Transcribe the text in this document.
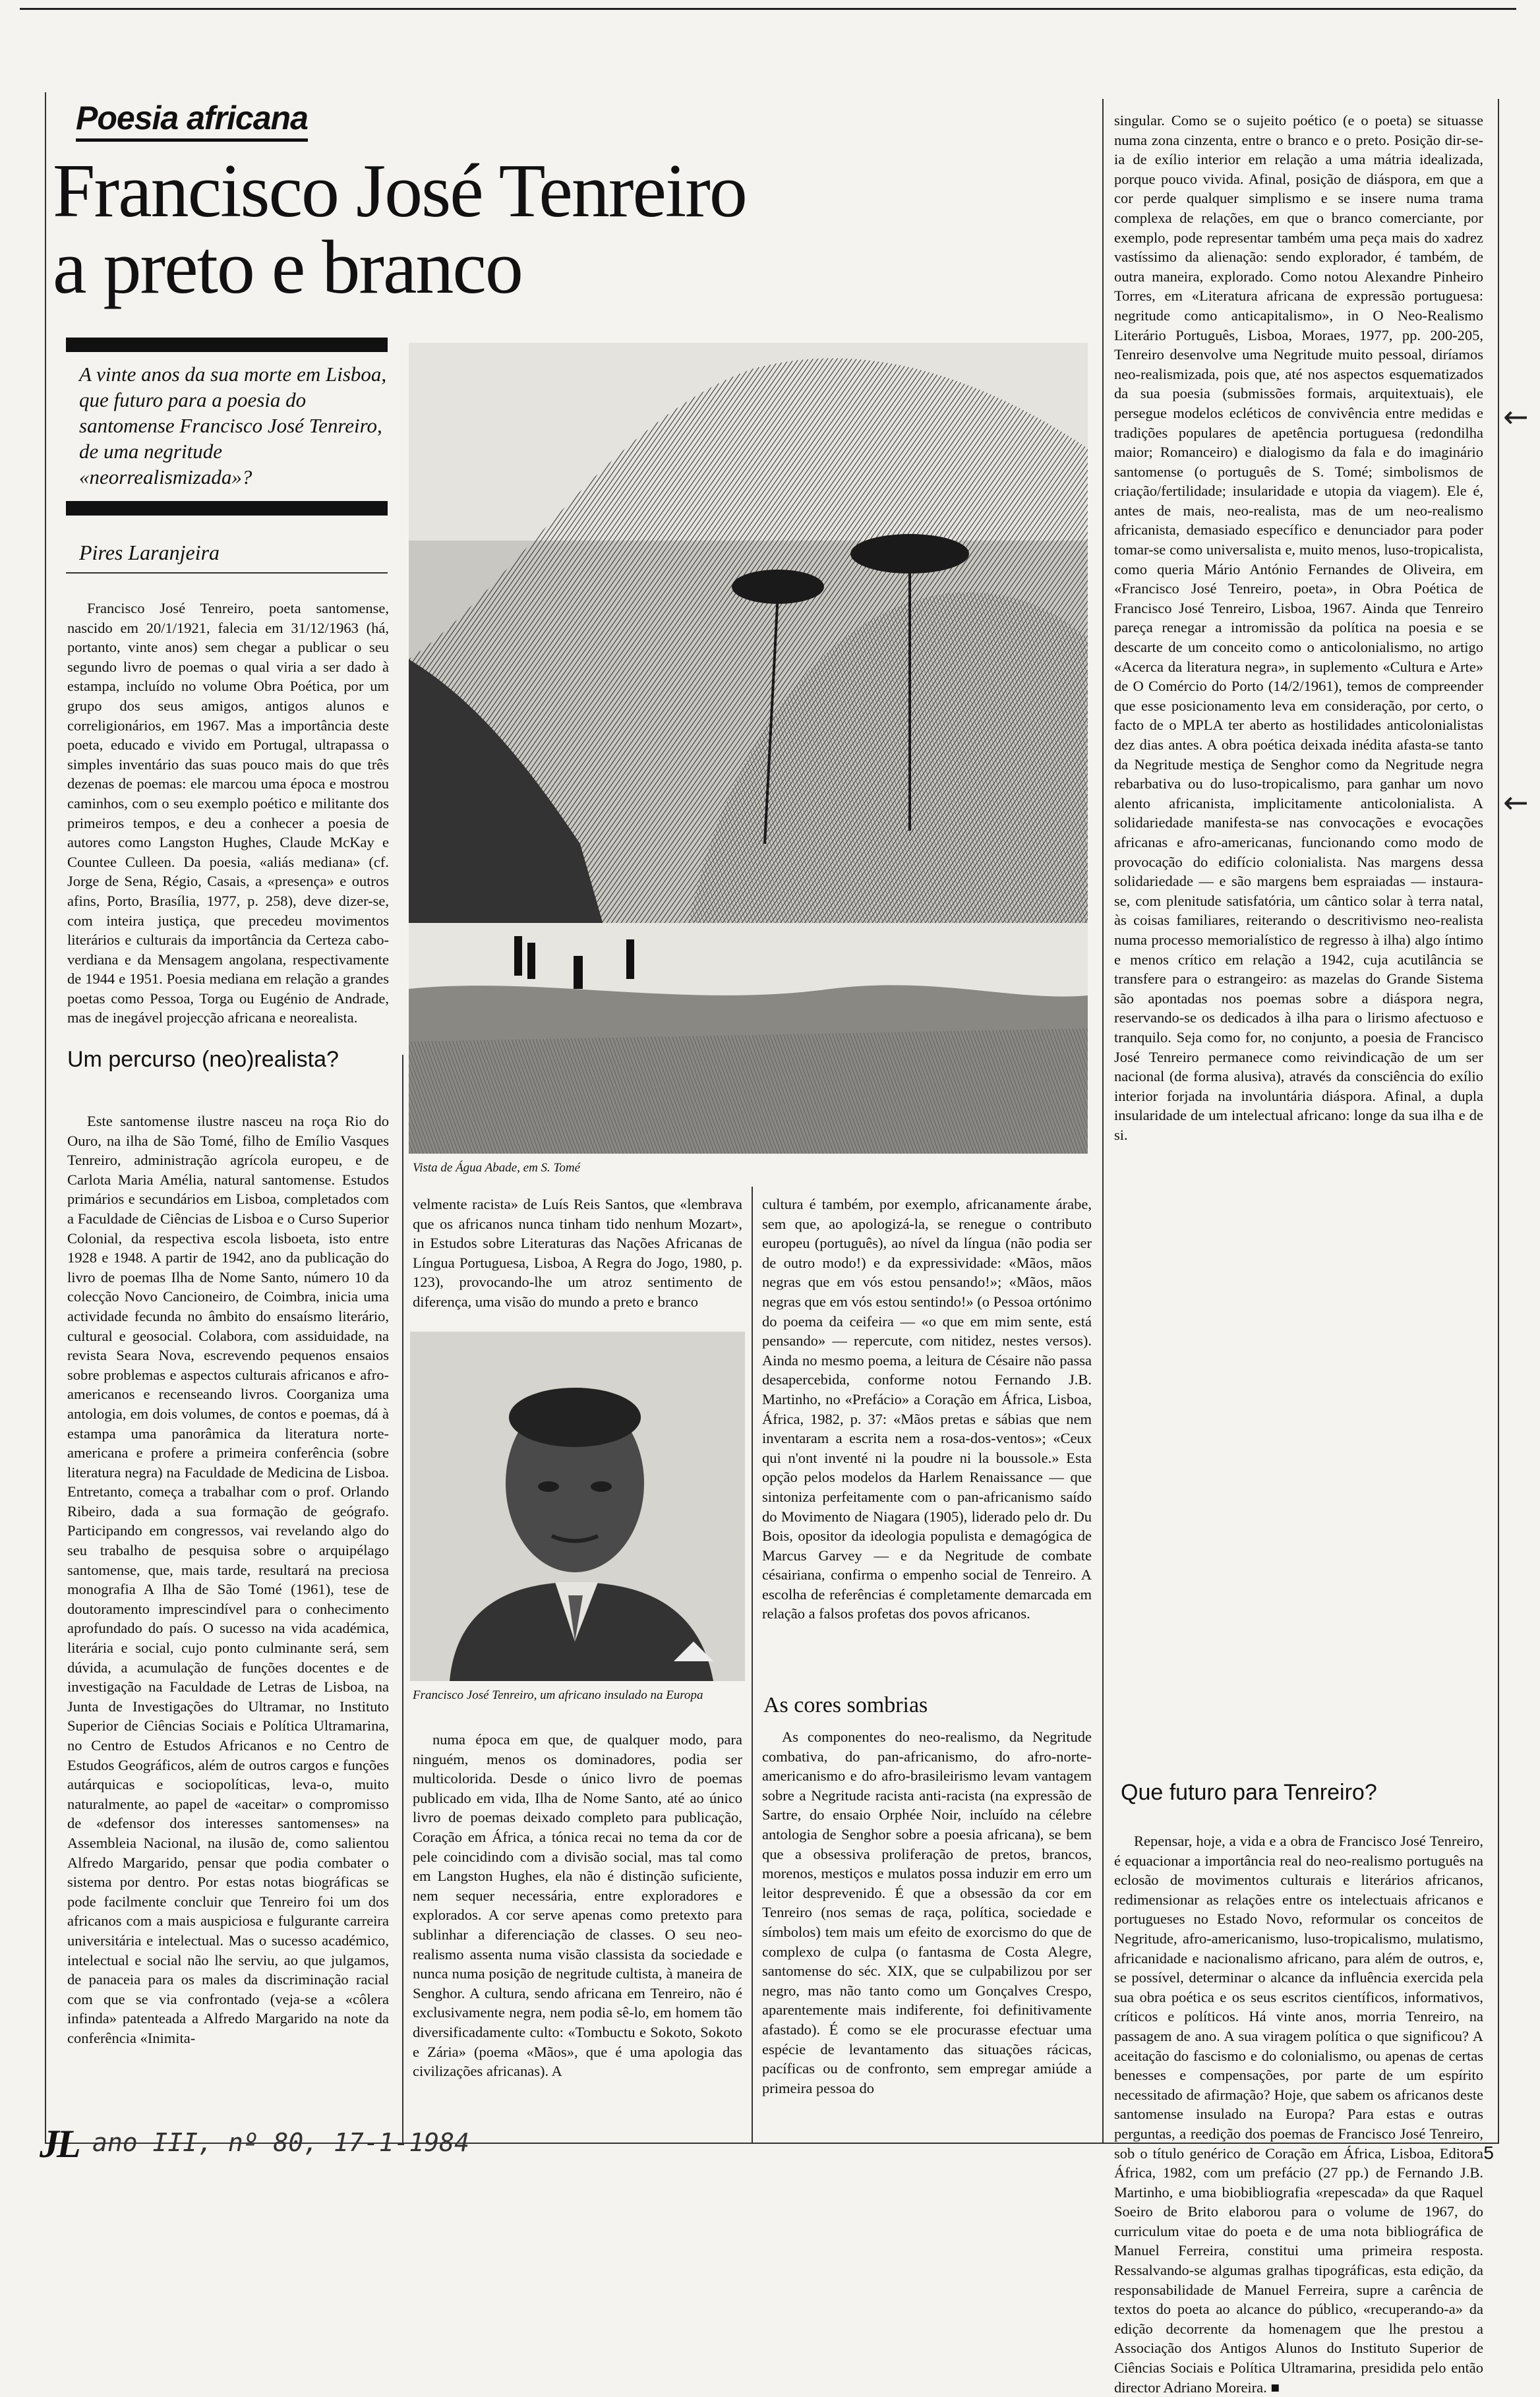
Poesia africana
Francisco José Tenreiro
a preto e branco
A vinte anos da sua morte em Lisboa, que futuro para a poesia do santomense Francisco José Tenreiro, de uma negritude «neorrealismizada»?
Pires Laranjeira

Francisco José Tenreiro, poeta santomense, nascido em 20/1/1921, falecia em 31/12/1963 (há, portanto, vinte anos) sem chegar a publicar o seu segundo livro de poemas o qual viria a ser dado à estampa, incluído no volume Obra Poética, por um grupo dos seus amigos, antigos alunos e correligionários, em 1967. Mas a importância deste poeta, educado e vivido em Portugal, ultrapassa o simples inventário das suas pouco mais do que três dezenas de poemas: ele marcou uma época e mostrou caminhos, com o seu exemplo poético e militante dos primeiros tempos, e deu a conhecer a poesia de autores como Langston Hughes, Claude McKay e Countee Culleen. Da poesia, «aliás mediana» (cf. Jorge de Sena, Régio, Casais, a «presença» e outros afins, Porto, Brasília, 1977, p. 258), deve dizer-se, com inteira justiça, que precedeu movimentos literários e culturais da importância da Certeza cabo-verdiana e da Mensagem angolana, respectivamente de 1944 e 1951. Poesia mediana em relação a grandes poetas como Pessoa, Torga ou Eugénio de Andrade, mas de inegável projecção africana e neorealista.

Um percurso (neo)realista?

Este santomense ilustre nasceu na roça Rio do Ouro, na ilha de São Tomé, filho de Emílio Vasques Tenreiro, administração agrícola europeu, e de Carlota Maria Amélia, natural santomense. Estudos primários e secundários em Lisboa, completados com a Faculdade de Ciências de Lisboa e o Curso Superior Colonial, da respectiva escola lisboeta, isto entre 1928 e 1948. A partir de 1942, ano da publicação do livro de poemas Ilha de Nome Santo, número 10 da colecção Novo Cancioneiro, de Coimbra, inicia uma actividade fecunda no âmbito do ensaísmo literário, cultural e geosocial. Colabora, com assiduidade, na revista Seara Nova, escrevendo pequenos ensaios sobre problemas e aspectos culturais africanos e afro-americanos e recenseando livros. Coorganiza uma antologia, em dois volumes, de contos e poemas, dá à estampa uma panorâmica da literatura norte-americana e profere a primeira conferência (sobre literatura negra) na Faculdade de Medicina de Lisboa. Entretanto, começa a trabalhar com o prof. Orlando Ribeiro, dada a sua formação de geógrafo. Participando em congressos, vai revelando algo do seu trabalho de pesquisa sobre o arquipélago santomense, que, mais tarde, resultará na preciosa monografia A Ilha de São Tomé (1961), tese de doutoramento imprescindível para o conhecimento aprofundado do país. O sucesso na vida académica, literária e social, cujo ponto culminante será, sem dúvida, a acumulação de funções docentes e de investigação na Faculdade de Letras de Lisboa, na Junta de Investigações do Ultramar, no Instituto Superior de Ciências Sociais e Política Ultramarina, no Centro de Estudos Africanos e no Centro de Estudos Geográficos, além de outros cargos e funções autárquicas e sociopolíticas, leva-o, muito naturalmente, ao papel de «aceitar» o compromisso de «defensor dos interesses santomenses» na Assembleia Nacional, na ilusão de, como salientou Alfredo Margarido, pensar que podia combater o sistema por dentro. Por estas notas biográficas se pode facilmente concluir que Tenreiro foi um dos africanos com a mais auspiciosa e fulgurante carreira universitária e intelectual. Mas o sucesso académico, intelectual e social não lhe serviu, ao que julgamos, de panaceia para os males da discriminação racial com que se via confrontado (veja-se a «côlera infinda» patenteada a Alfredo Margarido na note da conferência «Inimita-

Vista de Água Abade, em S. Tomé

velmente racista» de Luís Reis Santos, que «lembrava que os africanos nunca tinham tido nenhum Mozart», in Estudos sobre Literaturas das Nações Africanas de Língua Portuguesa, Lisboa, A Regra do Jogo, 1980, p. 123), provocando-lhe um atroz sentimento de diferença, uma visão do mundo a preto e branco

Francisco José Tenreiro, um africano insulado na Europa

numa época em que, de qualquer modo, para ninguém, menos os dominadores, podia ser multicolorida. Desde o único livro de poemas publicado em vida, Ilha de Nome Santo, até ao único livro de poemas deixado completo para publicação, Coração em África, a tónica recai no tema da cor de pele coincidindo com a divisão social, mas tal como em Langston Hughes, ela não é distinção suficiente, nem sequer necessária, entre exploradores e explorados. A cor serve apenas como pretexto para sublinhar a diferenciação de classes. O seu neo-realismo assenta numa visão classista da sociedade e nunca numa posição de negritude cultista, à maneira de Senghor. A cultura, sendo africana em Tenreiro, não é exclusivamente negra, nem podia sê-lo, em homem tão diversificadamente culto: «Tombuctu e Sokoto, Sokoto e Zária» (poema «Mãos», que é uma apologia das civilizações africanas). A

cultura é também, por exemplo, africanamente árabe, sem que, ao apologizá-la, se renegue o contributo europeu (português), ao nível da língua (não podia ser de outro modo!) e da expressividade: «Mãos, mãos negras que em vós estou pensando!»; «Mãos, mãos negras que em vós estou sentindo!» (o Pessoa ortónimo do poema da ceifeira — «o que em mim sente, está pensando» — repercute, com nitidez, nestes versos). Ainda no mesmo poema, a leitura de Césaire não passa desapercebida, conforme notou Fernando J.B. Martinho, no «Prefácio» a Coração em África, Lisboa, África, 1982, p. 37: «Mãos pretas e sábias que nem inventaram a escrita nem a rosa-dos-ventos»; «Ceux qui n'ont inventé ni la poudre ni la boussole.» Esta opção pelos modelos da Harlem Renaissance — que sintoniza perfeitamente com o pan-africanismo saído do Movimento de Niagara (1905), liderado pelo dr. Du Bois, opositor da ideologia populista e demagógica de Marcus Garvey — e da Negritude de combate césairiana, confirma o empenho social de Tenreiro. A escolha de referências é completamente demarcada em relação a falsos profetas dos povos africanos.

As cores sombrias

As componentes do neo-realismo, da Negritude combativa, do pan-africanismo, do afro-norte-americanismo e do afro-brasileirismo levam vantagem sobre a Negritude racista anti-racista (na expressão de Sartre, do ensaio Orphée Noir, incluído na célebre antologia de Senghor sobre a poesia africana), se bem que a obsessiva proliferação de pretos, brancos, morenos, mestiços e mulatos possa induzir em erro um leitor desprevenido. É que a obsessão da cor em Tenreiro (nos semas de raça, política, sociedade e símbolos) tem mais um efeito de exorcismo do que de complexo de culpa (o fantasma de Costa Alegre, santomense do séc. XIX, que se culpabilizou por ser negro, mas não tanto como um Gonçalves Crespo, aparentemente mais indiferente, foi definitivamente afastado). É como se ele procurasse efectuar uma espécie de levantamento das situações rácicas, pacíficas ou de confronto, sem empregar amiúde a primeira pessoa do

singular. Como se o sujeito poético (e o poeta) se situasse numa zona cinzenta, entre o branco e o preto. Posição dir-se-ia de exílio interior em relação a uma mátria idealizada, porque pouco vivida. Afinal, posição de diáspora, em que a cor perde qualquer simplismo e se insere numa trama complexa de relações, em que o branco comerciante, por exemplo, pode representar também uma peça mais do xadrez vastíssimo da alienação: sendo explorador, é também, de outra maneira, explorado. Como notou Alexandre Pinheiro Torres, em «Literatura africana de expressão portuguesa: negritude como anticapitalismo», in O Neo-Realismo Literário Português, Lisboa, Moraes, 1977, pp. 200-205, Tenreiro desenvolve uma Negritude muito pessoal, diríamos neo-realismizada, pois que, até nos aspectos esquematizados da sua poesia (submissões formais, arquitextuais), ele persegue modelos ecléticos de convivência entre medidas e tradições populares de apetência portuguesa (redondilha maior; Romanceiro) e dialogismo da fala e do imaginário santomense (o português de S. Tomé; simbolismos de criação/fertilidade; insularidade e utopia da viagem). Ele é, antes de mais, neo-realista, mas de um neo-realismo africanista, demasiado específico e denunciador para poder tomar-se como universalista e, muito menos, luso-tropicalista, como queria Mário António Fernandes de Oliveira, em «Francisco José Tenreiro, poeta», in Obra Poética de Francisco José Tenreiro, Lisboa, 1967. Ainda que Tenreiro pareça renegar a intromissão da política na poesia e se descarte de um conceito como o anticolonialismo, no artigo «Acerca da literatura negra», in suplemento «Cultura e Arte» de O Comércio do Porto (14/2/1961), temos de compreender que esse posicionamento leva em consideração, por certo, o facto de o MPLA ter aberto as hostilidades anticolonialistas dez dias antes. A obra poética deixada inédita afasta-se tanto da Negritude mestiça de Senghor como da Negritude negra rebarbativa ou do luso-tropicalismo, para ganhar um novo alento africanista, implicitamente anticolonialista. A solidariedade manifesta-se nas convocações e evocações africanas e afro-americanas, funcionando como modo de provocação do edifício colonialista. Nas margens dessa solidariedade — e são margens bem espraiadas — instaura-se, com plenitude satisfatória, um cântico solar à terra natal, às coisas familiares, reiterando o descritivismo neo-realista numa processo memorialístico de regresso à ilha) algo íntimo e menos crítico em relação a 1942, cuja acutilância se transfere para o estrangeiro: as mazelas do Grande Sistema são apontadas nos poemas sobre a diáspora negra, reservando-se os dedicados à ilha para o lirismo afectuoso e tranquilo. Seja como for, no conjunto, a poesia de Francisco José Tenreiro permanece como reivindicação de um ser nacional (de forma alusiva), através da consciência do exílio interior forjada na involuntária diáspora. Afinal, a dupla insularidade de um intelectual africano: longe da sua ilha e de si.

Que futuro para Tenreiro?

Repensar, hoje, a vida e a obra de Francisco José Tenreiro, é equacionar a importância real do neo-realismo português na eclosão de movimentos culturais e literários africanos, redimensionar as relações entre os intelectuais africanos e portugueses no Estado Novo, reformular os conceitos de Negritude, afro-americanismo, luso-tropicalismo, mulatismo, africanidade e nacionalismo africano, para além de outros, e, se possível, determinar o alcance da influência exercida pela sua obra poética e os seus escritos científicos, informativos, críticos e políticos. Há vinte anos, morria Tenreiro, na passagem de ano. A sua viragem política o que significou? A aceitação do fascismo e do colonialismo, ou apenas de certas benesses e compensações, por parte de um espírito necessitado de afirmação? Hoje, que sabem os africanos deste santomense insulado na Europa? Para estas e outras perguntas, a reedição dos poemas de Francisco José Tenreiro, sob o título genérico de Coração em África, Lisboa, Editora África, 1982, com um prefácio (27 pp.) de Fernando J.B. Martinho, e uma biobibliografia «repescada» da que Raquel Soeiro de Brito elaborou para o volume de 1967, do curriculum vitae do poeta e de uma nota bibliográfica de Manuel Ferreira, constitui uma primeira resposta. Ressalvando-se algumas gralhas tipográficas, esta edição, da responsabilidade de Manuel Ferreira, supre a carência de textos do poeta ao alcance do público, «recuperando-a» da edição decorrente da homenagem que lhe prestou a Associação dos Antigos Alunos do Instituto Superior de Ciências Sociais e Política Ultramarina, presidida pelo então director Adriano Moreira. ■

←
←
JL ano III, nº 80, 17-1-1984	5
